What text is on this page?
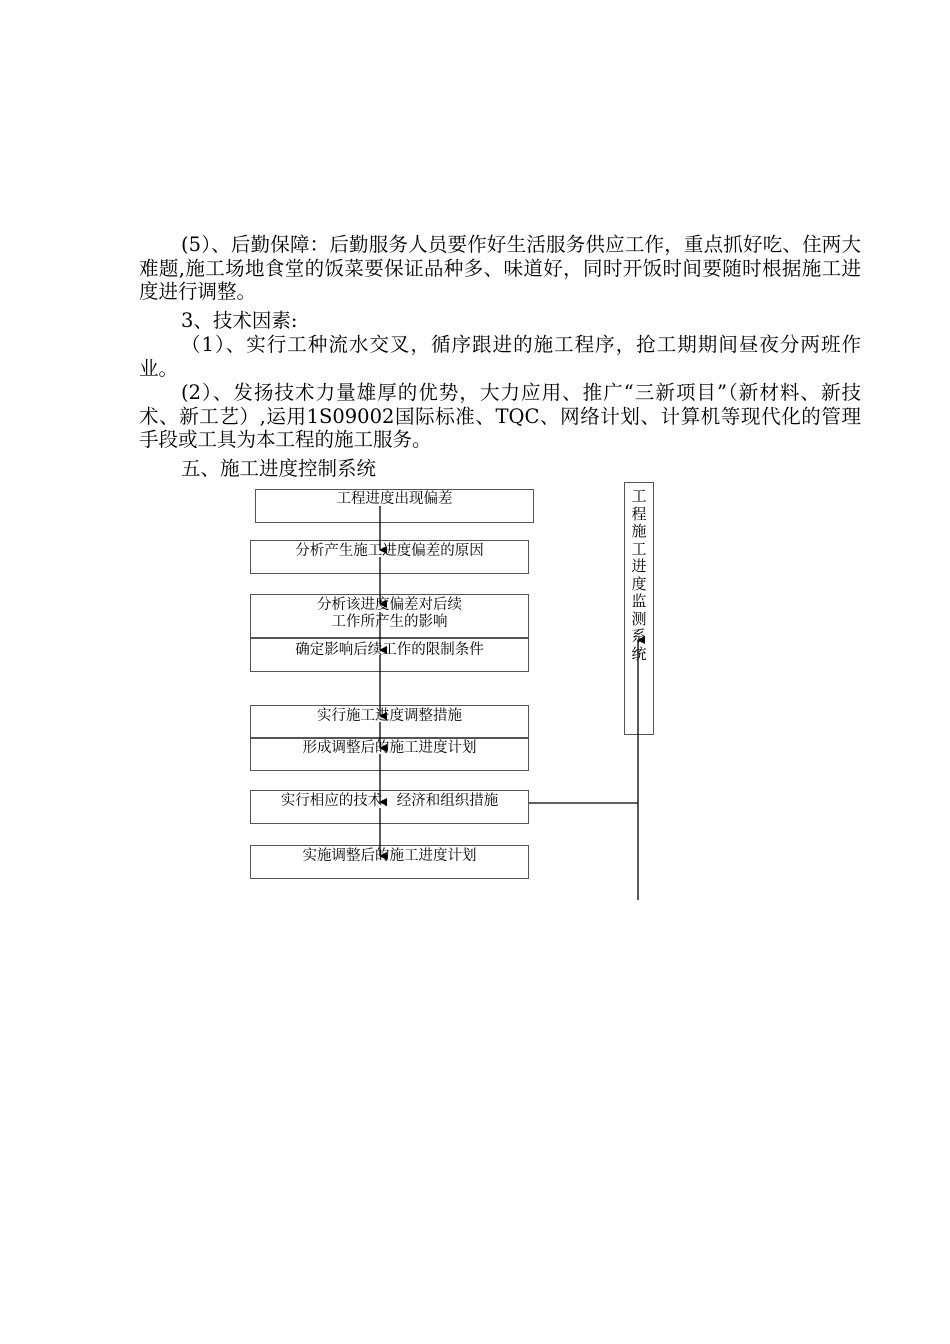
(5）、后勤保障：后勤服务人员要作好生活服务供应工作，重点抓好吃、住两大难题,施工场地食堂的饭菜要保证品种多、味道好，同时开饭时间要随时根据施工进度进行调整。

3、技术因素:

（1）、实行工种流水交叉，循序跟进的施工程序，抢工期期间昼夜分两班作业。

(2）、发扬技术力量雄厚的优势，大力应用、推广“三新项目”（新材料、新技术、新工艺）,运用1S09002国际标准、TQC、网络计划、计算机等现代化的管理手段或工具为本工程的施工服务。

五、施工进度控制系统

工程进度出现偏差
分析产生施工进度偏差的原因
分析该进度偏差对后续
工作所产生的影响
确定影响后续工作的限制条件
实行施工进度调整措施
形成调整后的施工进度计划
实行相应的技术、经济和组织措施
实施调整后的施工进度计划
工
程
施
工
进
度
监
测
系
统
